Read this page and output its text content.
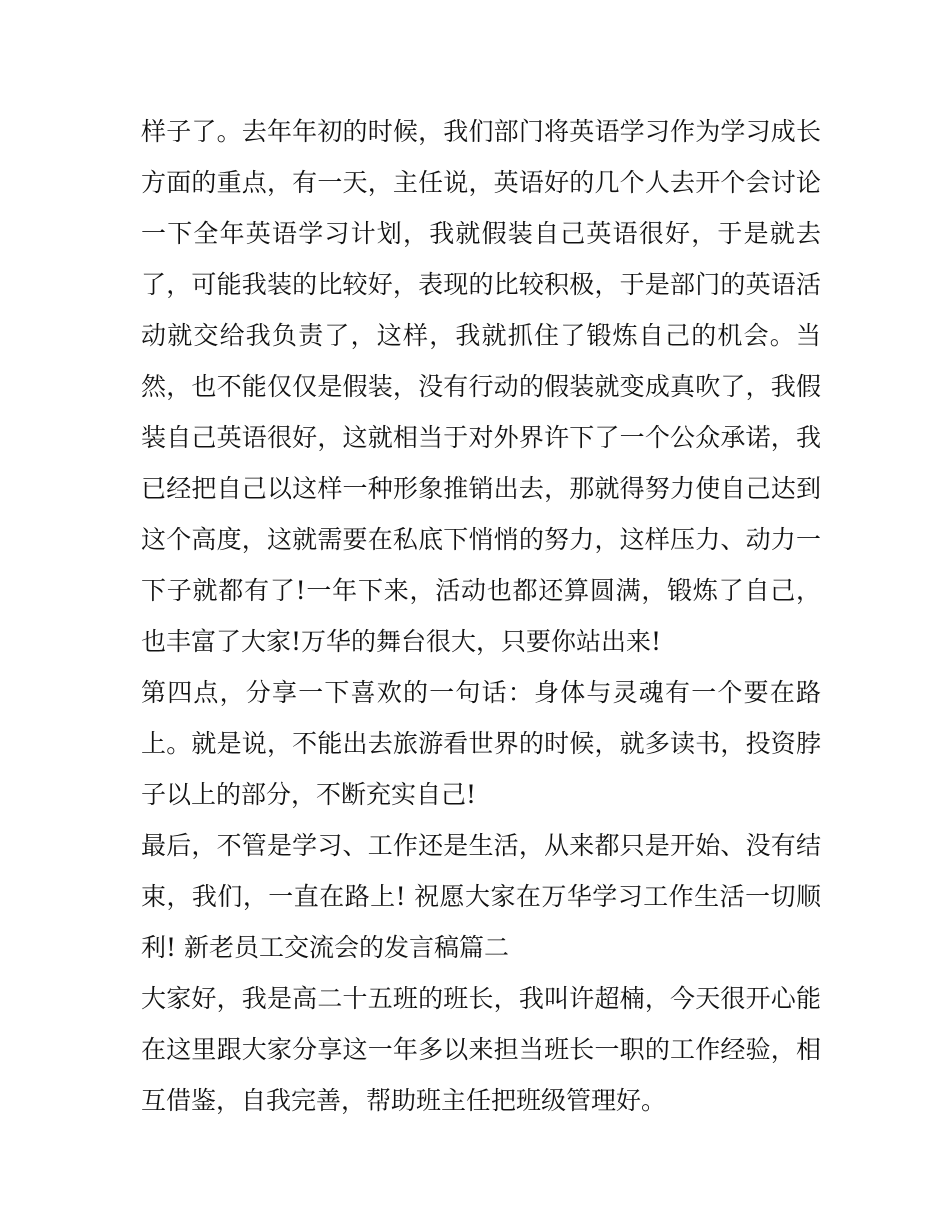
样子了。去年年初的时候，我们部门将英语学习作为学习成长
方面的重点，有一天，主任说，英语好的几个人去开个会讨论
一下全年英语学习计划，我就假装自己英语很好，于是就去
了，可能我装的比较好，表现的比较积极，于是部门的英语活
动就交给我负责了，这样，我就抓住了锻炼自己的机会。当
然，也不能仅仅是假装，没有行动的假装就变成真吹了，我假
装自己英语很好，这就相当于对外界许下了一个公众承诺，我
已经把自己以这样一种形象推销出去，那就得努力使自己达到
这个高度，这就需要在私底下悄悄的努力，这样压力、动力一
下子就都有了!一年下来，活动也都还算圆满，锻炼了自己，
也丰富了大家!万华的舞台很大，只要你站出来!
第四点，分享一下喜欢的一句话：身体与灵魂有一个要在路
上。就是说，不能出去旅游看世界的时候，就多读书，投资脖
子以上的部分，不断充实自己!
最后，不管是学习、工作还是生活，从来都只是开始、没有结
束，我们，一直在路上! 祝愿大家在万华学习工作生活一切顺
利! 新老员工交流会的发言稿篇二
大家好，我是高二十五班的班长，我叫许超楠，今天很开心能
在这里跟大家分享这一年多以来担当班长一职的工作经验，相
互借鉴，自我完善，帮助班主任把班级管理好。
